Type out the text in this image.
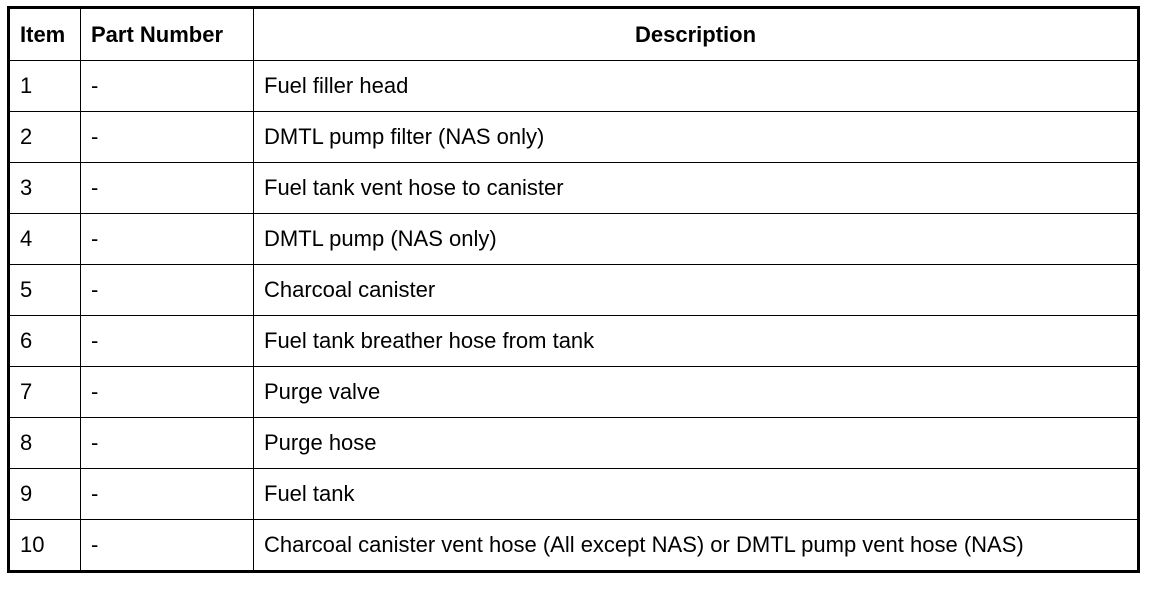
Item	Part Number	Description
1	-	Fuel filler head
2	-	DMTL pump filter (NAS only)
3	-	Fuel tank vent hose to canister
4	-	DMTL pump (NAS only)
5	-	Charcoal canister
6	-	Fuel tank breather hose from tank
7	-	Purge valve
8	-	Purge hose
9	-	Fuel tank
10	-	Charcoal canister vent hose (All except NAS) or DMTL pump vent hose (NAS)
